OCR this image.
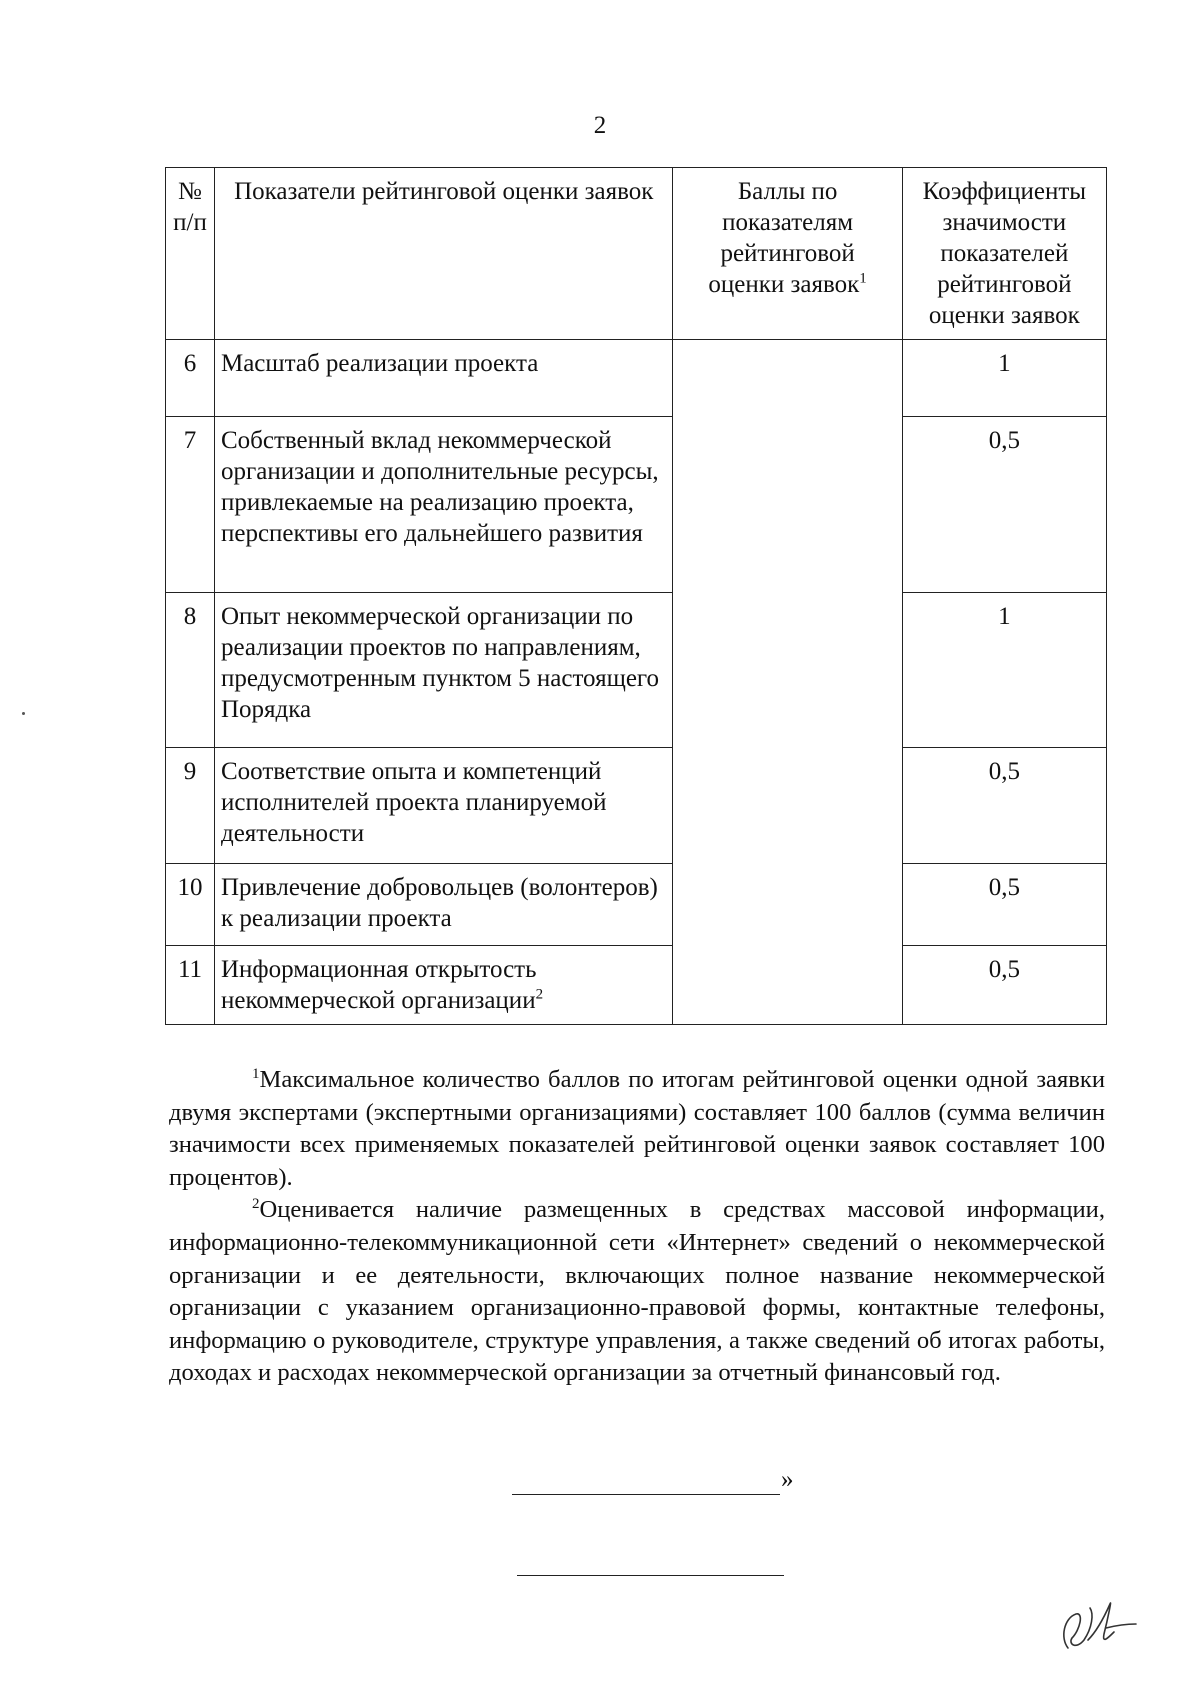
2
№ п/п	Показатели рейтинговой оценки заявок	Баллы по показателям рейтинговой оценки заявок$^1$	Коэффициенты значимости показателей рейтинговой оценки заявок
6	Масштаб реализации проекта		1
7	Собственный вклад некоммерческой организации и дополнительные ресурсы, привлекаемые на реализацию проекта, перспективы его дальнейшего развития		0,5
8	Опыт некоммерческой организации по реализации проектов по направлениям, предусмотренным пунктом 5 настоящего Порядка		1
9	Соответствие опыта и компетенций исполнителей проекта планируемой деятельности		0,5
10	Привлечение добровольцев (волонтеров) к реализации проекта		0,5
11	Информационная открытость некоммерческой организации$^2$		0,5

$^1$Максимальное количество баллов по итогам рейтинговой оценки одной заявки двумя экспертами (экспертными организациями) составляет 100 баллов (сумма величин значимости всех применяемых показателей рейтинговой оценки заявок составляет 100 процентов).

$^2$Оценивается наличие размещенных в средствах массовой информации, информационно-телекоммуникационной сети «Интернет» сведений о некоммерческой организации и ее деятельности, включающих полное название некоммерческой организации с указанием организационно-правовой формы, контактные телефоны, информацию о руководителе, структуре управления, а также сведений об итогах работы, доходах и расходах некоммерческой организации за отчетный финансовый год.

»
